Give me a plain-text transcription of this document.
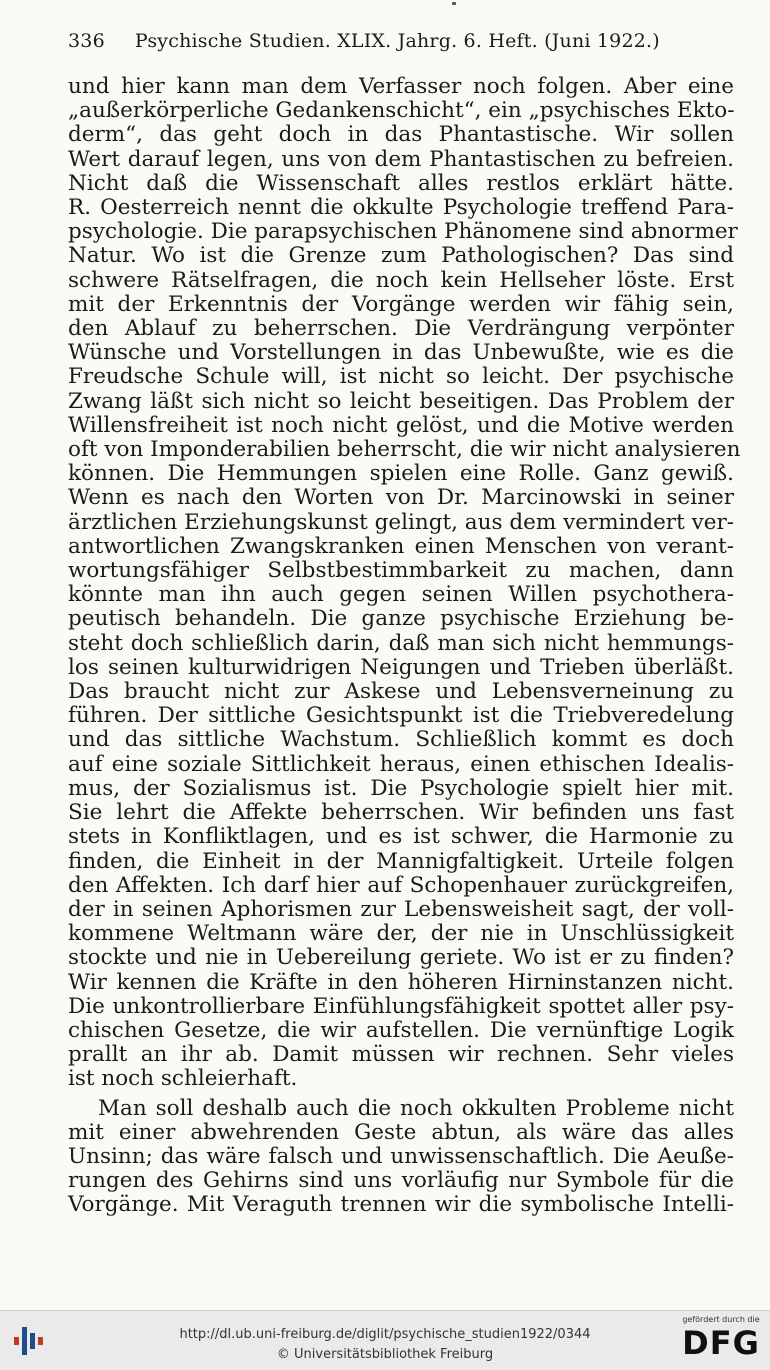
336 Psychische Studien. XLIX. Jahrg. 6. Heft. (Juni 1922.)

und hier kann man dem Verfasser noch folgen. Aber eine
„außerkörperliche Gedankenschicht“, ein „psychisches Ekto-
derm“, das geht doch in das Phantastische. Wir sollen
Wert darauf legen, uns von dem Phantastischen zu befreien.
Nicht daß die Wissenschaft alles restlos erklärt hätte.
R. Oesterreich nennt die okkulte Psychologie treffend Para-
psychologie. Die parapsychischen Phänomene sind abnormer
Natur. Wo ist die Grenze zum Pathologischen? Das sind
schwere Rätselfragen, die noch kein Hellseher löste. Erst
mit der Erkenntnis der Vorgänge werden wir fähig sein,
den Ablauf zu beherrschen. Die Verdrängung verpönter
Wünsche und Vorstellungen in das Unbewußte, wie es die
Freudsche Schule will, ist nicht so leicht. Der psychische
Zwang läßt sich nicht so leicht beseitigen. Das Problem der
Willensfreiheit ist noch nicht gelöst, und die Motive werden
oft von Imponderabilien beherrscht, die wir nicht analysieren
können. Die Hemmungen spielen eine Rolle. Ganz gewiß.
Wenn es nach den Worten von Dr. Marcinowski in seiner
ärztlichen Erziehungskunst gelingt, aus dem vermindert ver-
antwortlichen Zwangskranken einen Menschen von verant-
wortungsfähiger Selbstbestimmbarkeit zu machen, dann
könnte man ihn auch gegen seinen Willen psychothera-
peutisch behandeln. Die ganze psychische Erziehung be-
steht doch schließlich darin, daß man sich nicht hemmungs-
los seinen kulturwidrigen Neigungen und Trieben überläßt.
Das braucht nicht zur Askese und Lebensverneinung zu
führen. Der sittliche Gesichtspunkt ist die Triebveredelung
und das sittliche Wachstum. Schließlich kommt es doch
auf eine soziale Sittlichkeit heraus, einen ethischen Idealis-
mus, der Sozialismus ist. Die Psychologie spielt hier mit.
Sie lehrt die Affekte beherrschen. Wir befinden uns fast
stets in Konfliktlagen, und es ist schwer, die Harmonie zu
finden, die Einheit in der Mannigfaltigkeit. Urteile folgen
den Affekten. Ich darf hier auf Schopenhauer zurückgreifen,
der in seinen Aphorismen zur Lebensweisheit sagt, der voll-
kommene Weltmann wäre der, der nie in Unschlüssigkeit
stockte und nie in Uebereilung geriete. Wo ist er zu finden?
Wir kennen die Kräfte in den höheren Hirninstanzen nicht.
Die unkontrollierbare Einfühlungsfähigkeit spottet aller psy-
chischen Gesetze, die wir aufstellen. Die vernünftige Logik
prallt an ihr ab. Damit müssen wir rechnen. Sehr vieles
ist noch schleierhaft.

Man soll deshalb auch die noch okkulten Probleme nicht
mit einer abwehrenden Geste abtun, als wäre das alles
Unsinn; das wäre falsch und unwissenschaftlich. Die Aeuße-
rungen des Gehirns sind uns vorläufig nur Symbole für die
Vorgänge. Mit Veraguth trennen wir die symbolische Intelli-

http://dl.ub.uni-freiburg.de/diglit/psychische_studien1922/0344
© Universitätsbibliothek Freiburg
gefördert durch die
DFG
